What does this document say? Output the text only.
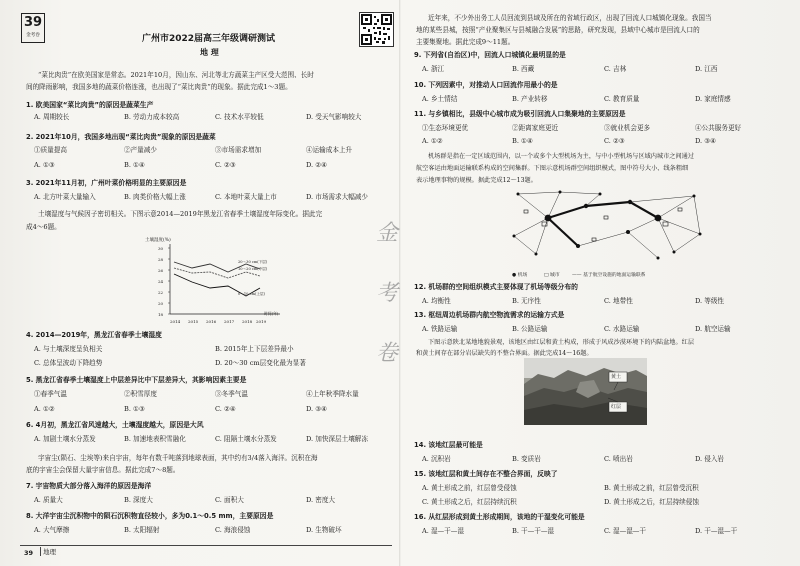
39
金考卷	广州市2022届高三年级调研测试
地 理
“菜比肉贵”在欧美国家是常态。2021年10月，因山东、河北等北方蔬菜主产区受大范围、长时
间的降雨影响，我国多地的蔬菜价格连涨，也出现了“菜比肉贵”的现象。据此完成1～3题。
1. 欧美国家“菜比肉贵”的原因是蔬菜生产
A. 周期较长	B. 劳动力成本较高	C. 技术水平较低	D. 受天气影响较大
2. 2021年10月，我国多地出现“菜比肉贵”现象的原因是蔬菜
①质量提高	②产量减少	③市场需求增加	④运输成本上升
A. ①③	B. ①④	C. ②③	D. ②④
3. 2021年11月初，广州叶菜价格明显的主要原因是
A. 北方叶菜大量输入	B. 肉类价格大幅上涨	C. 本地叶菜大量上市	D. 市场需求大幅减少
土壤湿度与气候因子密切相关。下图示意2014—2019年黑龙江省春季土壤湿度年际变化。据此完
成4～6题。
土壤湿度(%)
30
28
26
24
22
20
18
2014 2015 2016 2017 2018 2019
时间(年)
20～30 cm(下层)
10～20 cm(中层)
0～10 cm(上层)
4. 2014—2019年，黑龙江省春季土壤湿度
A. 与土壤深度呈负相关	B. 2015年上下层差异最小
C. 总体呈波动下降趋势	D. 20～30 cm层变化最为显著
5. 黑龙江省春季土壤湿度上中层差异比中下层差异大，其影响因素主要是
①春季气温	②积雪厚度	③冬季气温	④上年秋季降水量
A. ①②	B. ①③	C. ②④	D. ③④
6. 4月初，黑龙江省风速越大，土壤湿度越大，原因是大风
A. 加剧土壤水分蒸发	B. 加速地表积雪融化	C. 阻隔土壤水分蒸发	D. 加快深层土壤解冻
宇宙尘(陨石、尘埃等)来自宇宙，每年有数千吨落到地球表面，其中约有3/4落入海洋。沉积在海
底的宇宙尘会保留大量宇宙信息。据此完成7～8题。
7. 宇宙物质大部分落入海洋的原因是海洋
A. 质量大	B. 深度大	C. 面积大	D. 密度大
8. 大洋宇宙尘沉积物中的陨石沉积物直径较小，多为0.1～0.5 mm，主要原因是
A. 大气摩擦	B. 太阳辐射	C. 海浪侵蚀	D. 生物破坏
39	地理
金
考
卷
近年来，不少外出务工人员回流到县域及所在的省域行政区，出现了回流人口城镇化现象。我国当
地的某些县城，按照“产业聚集区与县城融合发展”的思路，研究发现，县域中心城市是回流人口的
主要集聚地。据此完成9～11题。
9. 下列省(自治区)中，回流人口城镇化最明显的是
A. 浙江	B. 西藏	C. 吉林	D. 江西
10. 下列因素中，对推动人口回流作用最小的是
A. 乡土情结	B. 产业转移	C. 教育质量	D. 家庭情感
11. 与乡镇相比，县级中心城市成为吸引回流人口集聚地的主要原因是
①生态环境更优	②距离家庭更近	③就业机会更多	④公共服务更好
A. ①②	B. ①④	C. ②③	D. ③④
机场群是指在一定区域范围内，以一个或多个大型机场为主，与中小型机场与区域内城市之间通过
航空客运由地面运输联系构成的空间集群。下图示意机场群空间组织模式，图中符号大小、线条粗细
表示地理事物的规模。据此完成12～13题。
● 机场	□ 城市	—— 基于航空设施的地面运输联系
12. 机场群的空间组织模式主要体现了机场等级分布的
A. 均衡性	B. 无序性	C. 地带性	D. 等级性
13. 枢纽周边机场群内航空物流需求的运输方式是
A. 铁路运输	B. 公路运输	C. 水路运输	D. 航空运输
下图示意陕北某地地貌景观，该地区由红层和黄土构成，形成于风成沙漠环境下的内陆盆地。红层
和黄土间存在部分岩层缺失的不整合界面。据此完成14～16题。
黄土
红层
14. 该地红层最可能是
A. 沉积岩	B. 变质岩	C. 喷出岩	D. 侵入岩
15. 该地红层和黄土间存在不整合界面，反映了
A. 黄土形成之前，红层曾受侵蚀	B. 黄土形成之前，红层曾受沉积
C. 黄土形成之后，红层持续沉积	D. 黄土形成之后，红层持续侵蚀
16. 从红层形成到黄土形成期间，该地的干湿变化可能是
A. 湿—干—湿	B. 干—干—湿	C. 湿—湿—干	D. 干—湿—干
